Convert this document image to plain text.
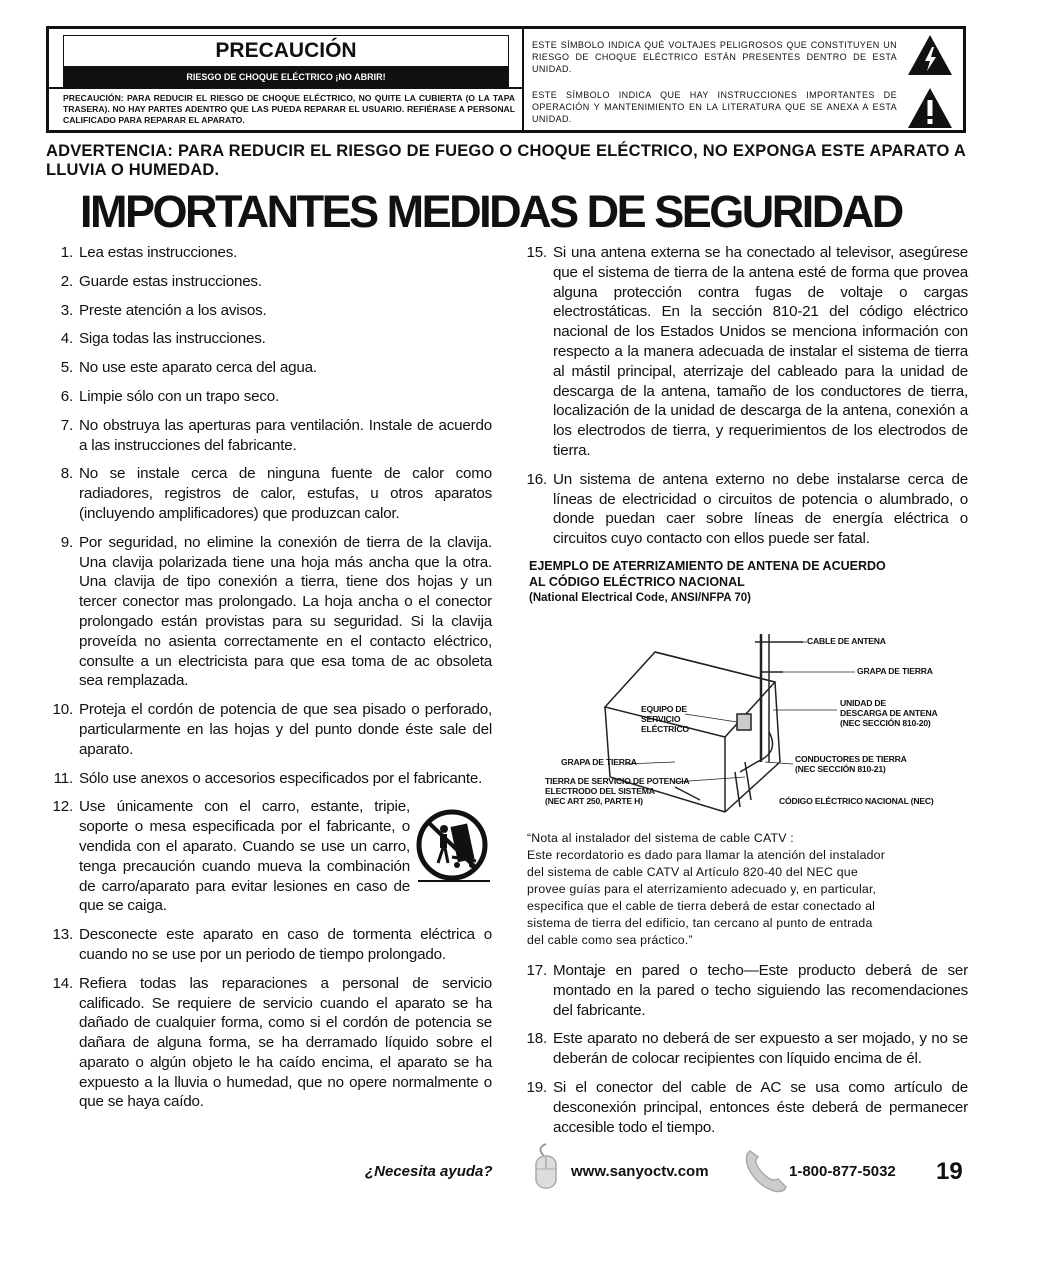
PRECAUCIÓN
RIESGO DE CHOQUE ELÉCTRICO ¡NO ABRIR!
PRECAUCIÓN: PARA REDUCIR EL RIESGO DE CHOQUE ELÉCTRICO, NO QUITE LA CUBIERTA (O LA TAPA TRASERA). NO HAY PARTES ADENTRO QUE LAS PUEDA REPARAR EL USUARIO. REFIÉRASE A PERSONAL CALIFICADO PARA REPARAR EL APARATO.
ESTE SÍMBOLO INDICA QUÉ VOLTAJES PELIGROSOS QUE CONSTITUYEN UN RIESGO DE CHOQUE ELÉCTRICO ESTÁN PRESENTES DENTRO DE ESTA UNIDAD.
ESTE SÍMBOLO INDICA QUE HAY INSTRUCCIONES IMPORTANTES DE OPERACIÓN Y MANTENIMIENTO EN LA LITERATURA QUE SE ANEXA A ESTA UNIDAD.
ADVERTENCIA: PARA REDUCIR EL RIESGO DE FUEGO O CHOQUE ELÉCTRICO, NO EXPONGA ESTE APARATO A LLUVIA O HUMEDAD.
IMPORTANTES MEDIDAS DE SEGURIDAD
1. Lea estas instrucciones.
2. Guarde estas instrucciones.
3. Preste atención a los avisos.
4. Siga todas las instrucciones.
5. No use este aparato cerca del agua.
6. Limpie sólo con un trapo seco.
7. No obstruya las aperturas para ventilación. Instale de acuerdo a las instrucciones del fabricante.
8. No se instale cerca de ninguna fuente de calor como radiadores, registros de calor, estufas, u otros aparatos (incluyendo amplificadores) que produzcan calor.
9. Por seguridad, no elimine la conexión de tierra de la clavija. Una clavija polarizada tiene una hoja más ancha que la otra. Una clavija de tipo conexión a tierra, tiene dos hojas y un tercer conector mas prolongado. La hoja ancha o el conector prolongado están provistas para su seguridad. Si la clavija proveída no asienta correctamente en el contacto eléctrico, consulte a un electricista para que esa toma de ac obsoleta sea remplazada.
10. Proteja el cordón de potencia de que sea pisado o perforado, particularmente en las hojas y del punto donde éste sale del aparato.
11. Sólo use anexos o accesorios especificados por el fabricante.
12. Use únicamente con el carro, estante, tripie, soporte o mesa especificada por el fabricante, o vendida con el aparato. Cuando se use un carro, tenga precaución cuando mueva la combinación de carro/aparato para evitar lesiones en caso de que se caiga.
13. Desconecte este aparato en caso de tormenta eléctrica o cuando no se use por un periodo de tiempo prolongado.
14. Refiera todas las reparaciones a personal de servicio calificado. Se requiere de servicio cuando el aparato se ha dañado de cualquier forma, como si el cordón de potencia se dañara de alguna forma, se ha derramado líquido sobre el aparato o algún objeto le ha caído encima, el aparato se ha expuesto a la lluvia o humedad, que no opere normalmente o que se haya caído.
15. Si una antena externa se ha conectado al televisor, asegúrese que el sistema de tierra de la antena esté de forma que provea alguna protección contra fugas de voltaje o cargas electrostáticas. En la sección 810-21 del código eléctrico nacional de los Estados Unidos se menciona información con respecto a la manera adecuada de instalar el sistema de tierra al mástil principal, aterrizaje del cableado para la unidad de descarga de la antena, tamaño de los conductores de tierra, localización de la unidad de descarga de la antena, conexión a los electrodos de tierra, y requerimientos de los electrodos de tierra.
16. Un sistema de antena externo no debe instalarse cerca de líneas de electricidad o circuitos de potencia o alumbrado, o donde puedan caer sobre líneas de energía eléctrica o circuitos cuyo contacto con ellos puede ser fatal.
EJEMPLO DE ATERRIZAMIENTO DE ANTENA DE ACUERDO
AL CÓDIGO ELÉCTRICO NACIONAL
(National Electrical Code, ANSI/NFPA 70)
CABLE DE ANTENA
GRAPA DE TIERRA
UNIDAD DE
DESCARGA DE ANTENA
(NEC SECCIÓN 810-20)
EQUIPO DE
SERVICIO
ELÉCTRICO
GRAPA DE TIERRA	CONDUCTORES DE TIERRA
(NEC SECCIÓN 810-21)
TIERRA DE SERVICIO DE POTENCIA
ELECTRODO DEL SISTEMA
(NEC ART 250, PARTE H)	CÓDIGO ELÉCTRICO NACIONAL (NEC)
“Nota al instalador del sistema de cable CATV :
Este recordatorio es dado para llamar la atención del instalador
del sistema de cable CATV al Artículo 820-40 del NEC que
provee guías para el aterrizamiento adecuado y, en particular,
especifica que el cable de tierra deberá de estar conectado al
sistema de tierra del edificio, tan cercano al punto de entrada
del cable como sea práctico.”
17. Montaje en pared o techo—Este producto deberá de ser montado en la pared o techo siguiendo las recomendaciones del fabricante.
18. Este aparato no deberá de ser expuesto a ser mojado, y no se deberán de colocar recipientes con líquido encima de él.
19. Si el conector del cable de AC se usa como artículo de desconexión principal, entonces éste deberá de permanecer accesible todo el tiempo.
¿Necesita ayuda?	www.sanyoctv.com	1-800-877-5032 19
